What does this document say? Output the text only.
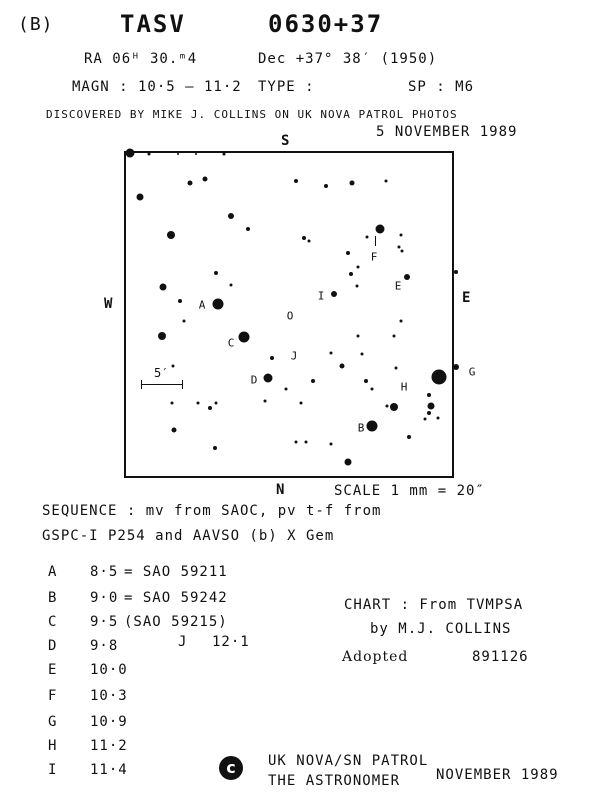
(B)	TASV	0630+37
RA 06ᴴ 30.ᵐ4	Dec +37° 38′ (1950)
MAGN : 10·5 – 11·2 TYPE :	SP : M6
DISCOVERED BY MIKE J. COLLINS ON UK NOVA PATROL PHOTOS
5 NOVEMBER 1989
S
N
W	E
5′
A
B
C
D
E
F
G
H
I
J
O
SCALE 1 mm = 20″
SEQUENCE : mv from SAOC, pv t-f from
GSPC-I P254 and AAVSO (b) X Gem
A 8·5 = SAO 59211
B 9·0 = SAO 59242
C 9·5 (SAO 59215)
D 9·8
E 10·0
F 10·3
G 10·9
H 11·2
I 11·4
J 12·1
CHART : From TVMPSA
by M.J. COLLINS
Adopted	891126
c	UK NOVA/SN PATROL
THE ASTRONOMER	NOVEMBER 1989
